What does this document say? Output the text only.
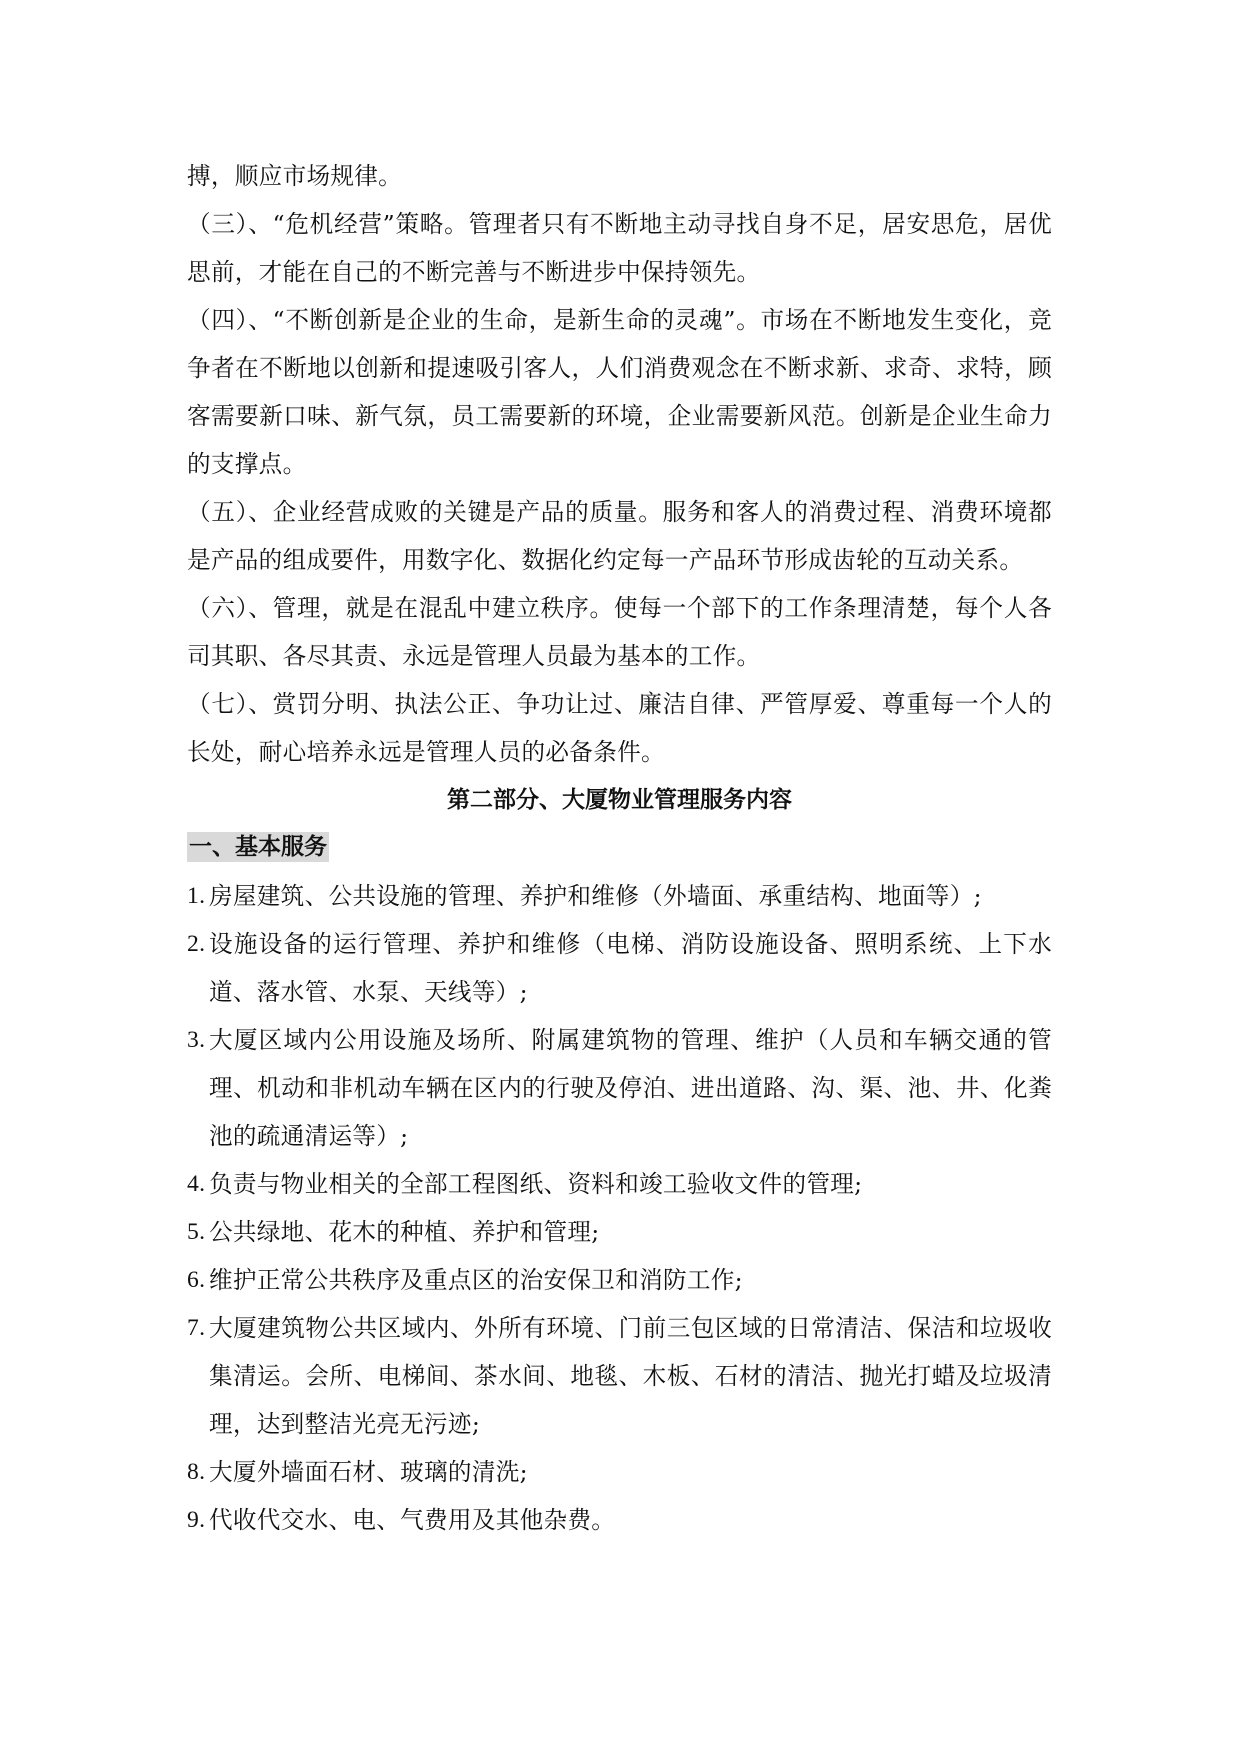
搏，顺应市场规律。

（三）、“危机经营”策略。管理者只有不断地主动寻找自身不足，居安思危，居优思前，才能在自己的不断完善与不断进步中保持领先。

（四）、“不断创新是企业的生命，是新生命的灵魂”。市场在不断地发生变化，竞争者在不断地以创新和提速吸引客人，人们消费观念在不断求新、求奇、求特，顾客需要新口味、新气氛，员工需要新的环境，企业需要新风范。创新是企业生命力的支撑点。

（五）、企业经营成败的关键是产品的质量。服务和客人的消费过程、消费环境都是产品的组成要件，用数字化、数据化约定每一产品环节形成齿轮的互动关系。

（六）、管理，就是在混乱中建立秩序。使每一个部下的工作条理清楚，每个人各司其职、各尽其责、永远是管理人员最为基本的工作。

（七）、赏罚分明、执法公正、争功让过、廉洁自律、严管厚爱、尊重每一个人的长处，耐心培养永远是管理人员的必备条件。

第二部分、大厦物业管理服务内容
一、基本服务
1. 房屋建筑、公共设施的管理、养护和维修（外墙面、承重结构、地面等）;
2. 设施设备的运行管理、养护和维修（电梯、消防设施设备、照明系统、上下水道、落水管、水泵、天线等）;
3. 大厦区域内公用设施及场所、附属建筑物的管理、维护（人员和车辆交通的管理、机动和非机动车辆在区内的行驶及停泊、进出道路、沟、渠、池、井、化粪池的疏通清运等）;
4. 负责与物业相关的全部工程图纸、资料和竣工验收文件的管理;
5. 公共绿地、花木的种植、养护和管理;
6. 维护正常公共秩序及重点区的治安保卫和消防工作;
7. 大厦建筑物公共区域内、外所有环境、门前三包区域的日常清洁、保洁和垃圾收集清运。会所、电梯间、茶水间、地毯、木板、石材的清洁、抛光打蜡及垃圾清理，达到整洁光亮无污迹;
8. 大厦外墙面石材、玻璃的清洗;
9. 代收代交水、电、气费用及其他杂费。
